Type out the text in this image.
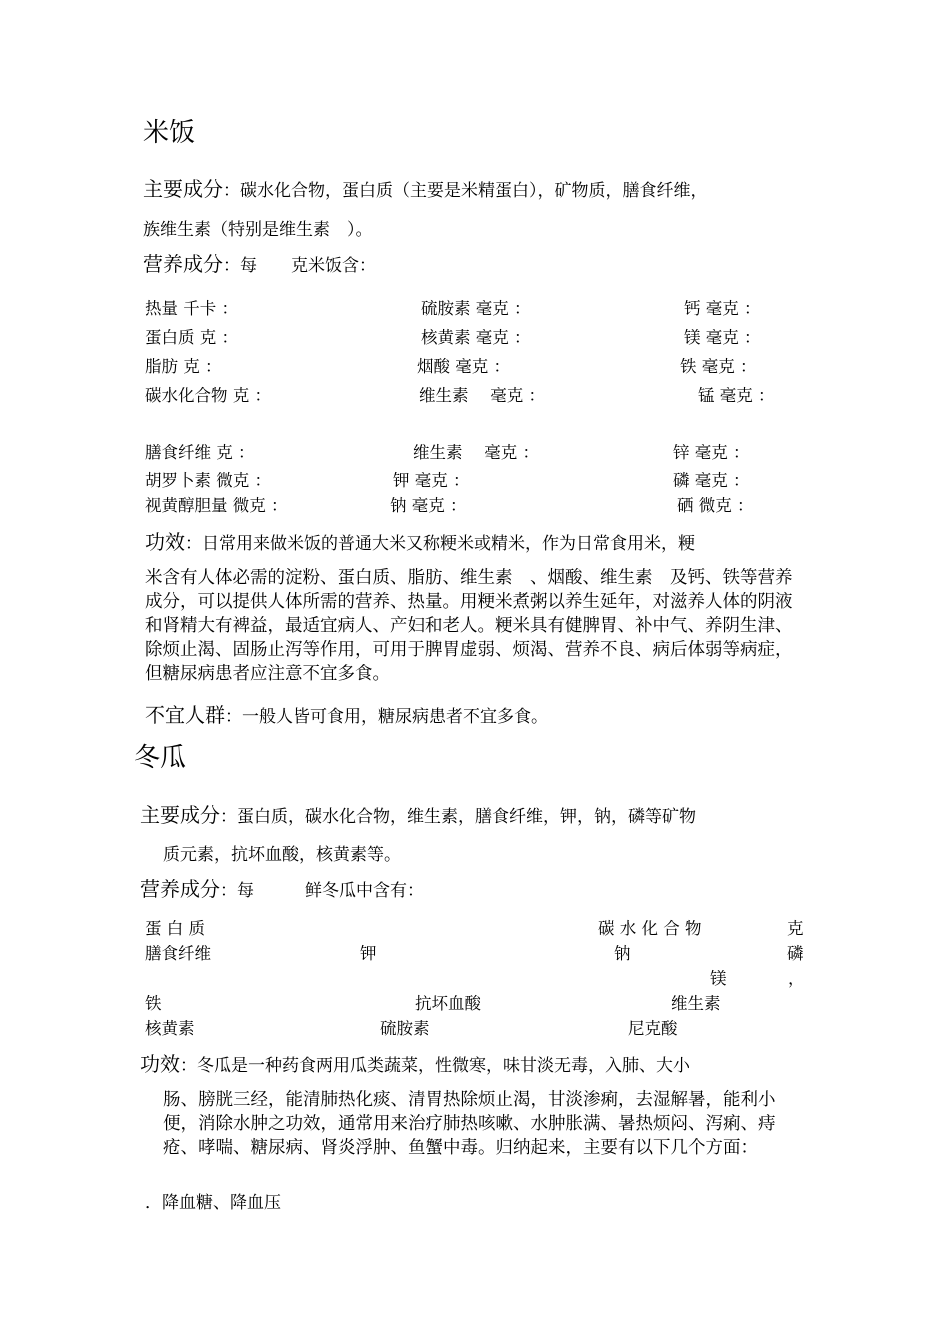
米饭
主要成分：碳水化合物，蛋白质（主要是米精蛋白），矿物质，膳食纤维，
族维生素（特别是维生素　）。
营养成分：每　　克米饭含：
热量 千卡 ：	硫胺素 毫克 ：	钙 毫克 ：
蛋白质 克 ：	核黄素 毫克 ：	镁 毫克 ：
脂肪 克 ：	烟酸 毫克 ：	铁 毫克 ：
碳水化合物 克 ：	维生素　 毫克 ：	锰 毫克 ：
膳食纤维 克 ：	维生素　 毫克 ：	锌 毫克 ：
胡罗卜素 微克 ：	钾 毫克 ：	磷 毫克 ：
视黄醇胆量 微克 ：	钠 毫克 ：	硒 微克 ：
功效：日常用来做米饭的普通大米又称粳米或精米，作为日常食用米，粳
米含有人体必需的淀粉、蛋白质、脂肪、维生素　、烟酸、维生素　及钙、铁等营养成分，可以提供人体所需的营养、热量。用粳米煮粥以养生延年，对滋养人体的阴液和肾精大有裨益，最适宜病人、产妇和老人。粳米具有健脾胃、补中气、养阴生津、除烦止渴、固肠止泻等作用，可用于脾胃虚弱、烦渴、营养不良、病后体弱等病症，但糖尿病患者应注意不宜多食。
不宜人群：一般人皆可食用，糖尿病患者不宜多食。
冬瓜
主要成分：蛋白质，碳水化合物，维生素，膳食纤维，钾，钠，磷等矿物
质元素，抗坏血酸，核黄素等。
营养成分：每　　　鲜冬瓜中含有：
蛋 白 质	碳 水 化 合 物	克
膳食纤维	钾	钠	磷
镁	，
铁	抗坏血酸	维生素
核黄素	硫胺素	尼克酸
功效：冬瓜是一种药食两用瓜类蔬菜，性微寒，味甘淡无毒，入肺、大小
肠、膀胱三经，能清肺热化痰、清胃热除烦止渴，甘淡渗痢，去湿解暑，能利小便，消除水肿之功效，通常用来治疗肺热咳嗽、水肿胀满、暑热烦闷、泻痢、痔疮、哮喘、糖尿病、肾炎浮肿、鱼蟹中毒。归纳起来，主要有以下几个方面：
．降血糖、降血压
